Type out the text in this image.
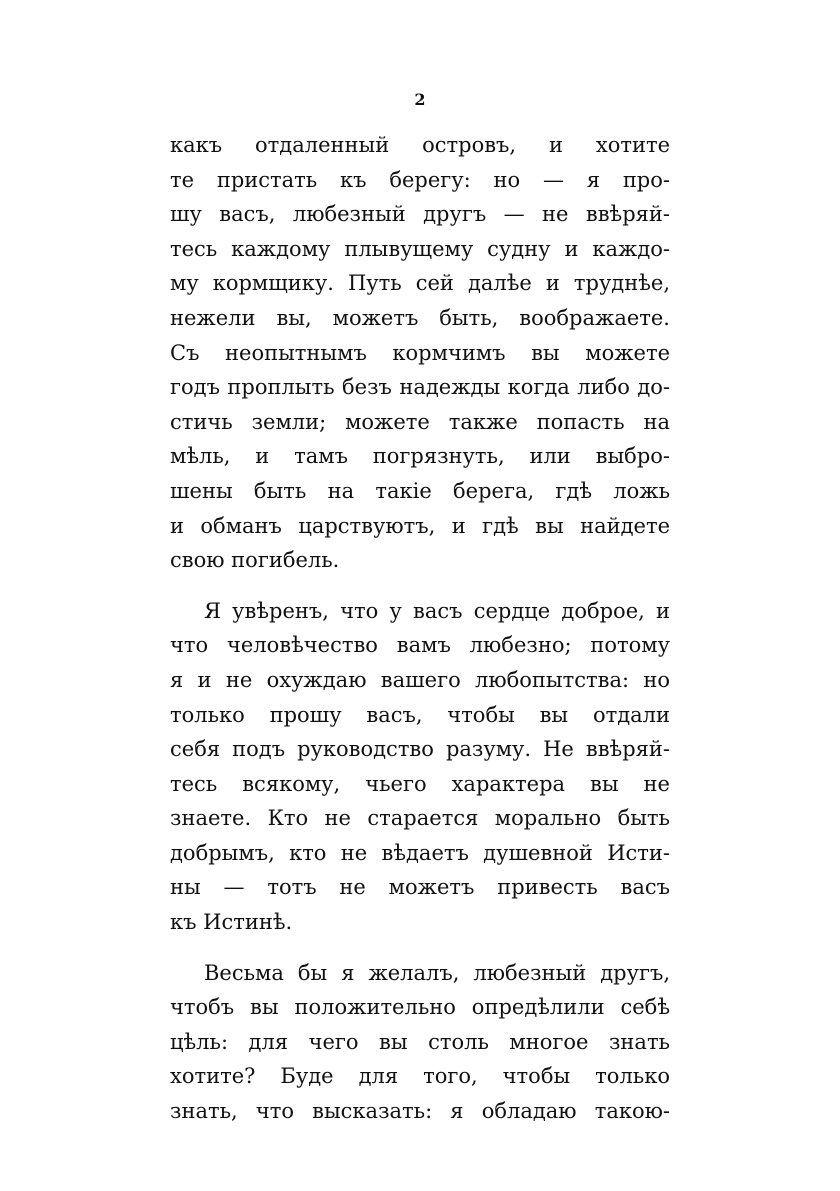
2
какъ отдаленный островъ, и хотите
те пристать къ берегу: но — я про-
шу васъ, любезный другъ — не ввѣряй-
тесь каждому плывущему судну и каждо-
му кормщику. Путь сей далѣе и труднѣе,
нежели вы, можетъ быть, воображаете.
Съ неопытнымъ кормчимъ вы можете
годъ проплыть безъ надежды когда либо до-
стичь земли; можете также попасть на
мѣль, и тамъ погрязнуть, или выбро-
шены быть на такіе берега, гдѣ ложь
и обманъ царствуютъ, и гдѣ вы найдете
свою погибель.
Я увѣренъ, что у васъ сердце доброе, и
что человѣчество вамъ любезно; потому
я и не охуждаю вашего любопытства: но
только прошу васъ, чтобы вы отдали
себя подъ руководство разуму. Не ввѣряй-
тесь всякому, чьего характера вы не
знаете. Кто не старается морально быть
добрымъ, кто не вѣдаетъ душевной Исти-
ны — тотъ не можетъ привесть васъ
къ Истинѣ.
Весьма бы я желалъ, любезный другъ,
чтобъ вы положительно опредѣлили себѣ
цѣль: для чего вы столь многое знать
хотите? Буде для того, чтобы только
знать, что высказать: я обладаю такою-
